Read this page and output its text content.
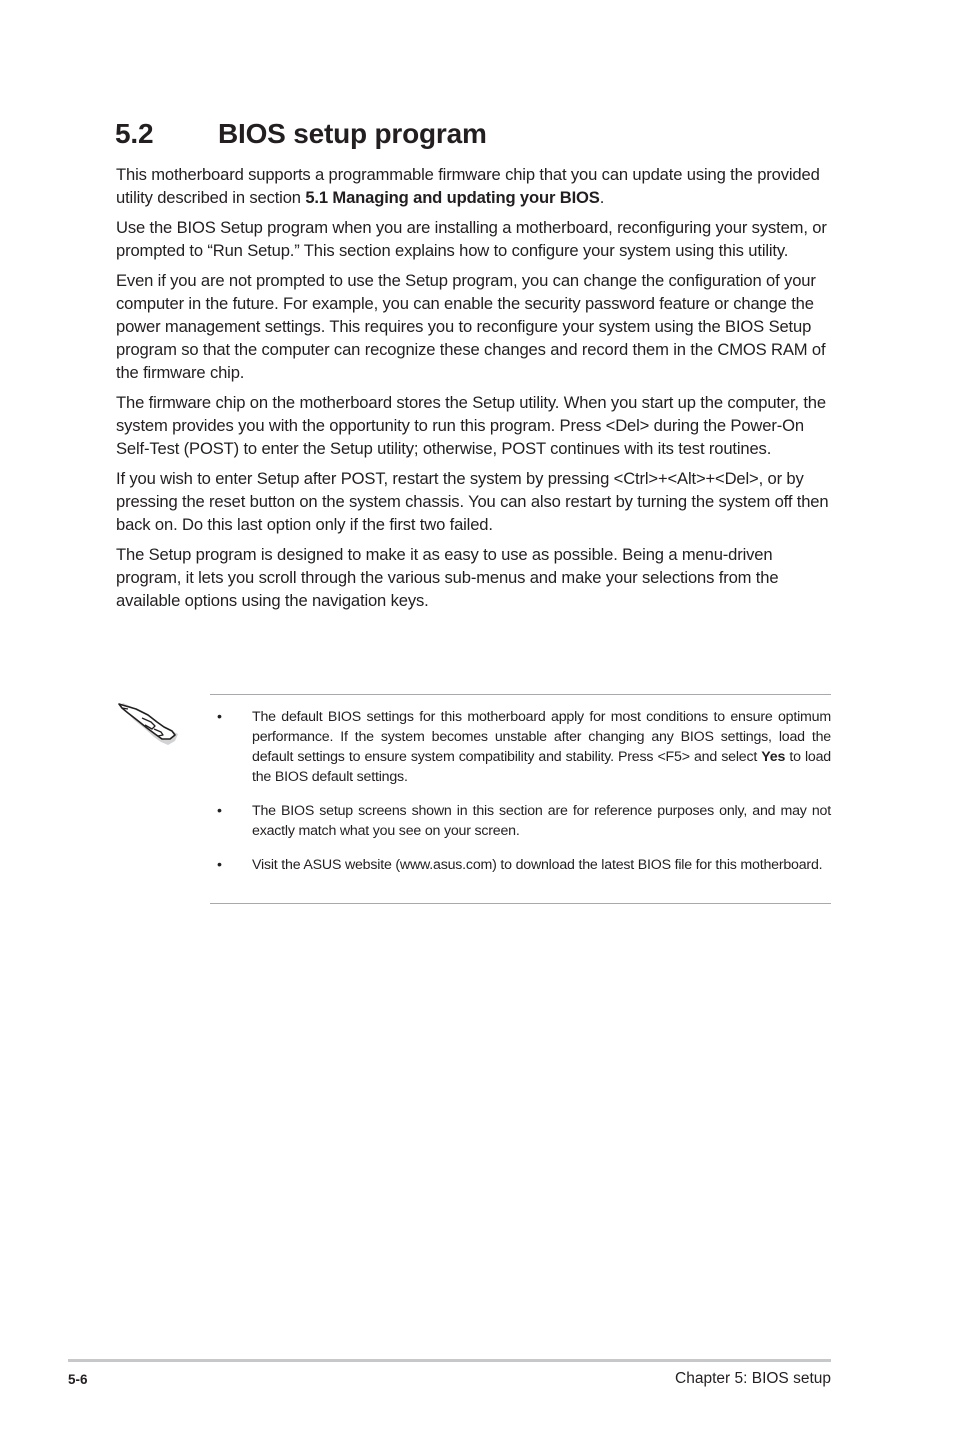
5.2 BIOS setup program

This motherboard supports a programmable firmware chip that you can update using the provided utility described in section 5.1 Managing and updating your BIOS.

Use the BIOS Setup program when you are installing a motherboard, reconfiguring your system, or prompted to “Run Setup.” This section explains how to configure your system using this utility.

Even if you are not prompted to use the Setup program, you can change the configuration of your computer in the future. For example, you can enable the security password feature or change the power management settings. This requires you to reconfigure your system using the BIOS Setup program so that the computer can recognize these changes and record them in the CMOS RAM of the firmware chip.

The firmware chip on the motherboard stores the Setup utility. When you start up the computer, the system provides you with the opportunity to run this program. Press <Del> during the Power-On Self-Test (POST) to enter the Setup utility; otherwise, POST continues with its test routines.

If you wish to enter Setup after POST, restart the system by pressing <Ctrl>+<Alt>+<Del>, or by pressing the reset button on the system chassis. You can also restart by turning the system off then back on. Do this last option only if the first two failed.

The Setup program is designed to make it as easy to use as possible. Being a menu-driven program, it lets you scroll through the various sub-menus and make your selections from the available options using the navigation keys.

• The default BIOS settings for this motherboard apply for most conditions to ensure optimum performance. If the system becomes unstable after changing any BIOS settings, load the default settings to ensure system compatibility and stability. Press <F5> and select Yes to load the BIOS default settings.
• The BIOS setup screens shown in this section are for reference purposes only, and may not exactly match what you see on your screen.
• Visit the ASUS website (www.asus.com) to download the latest BIOS file for this motherboard.
5-6	Chapter 5: BIOS setup
